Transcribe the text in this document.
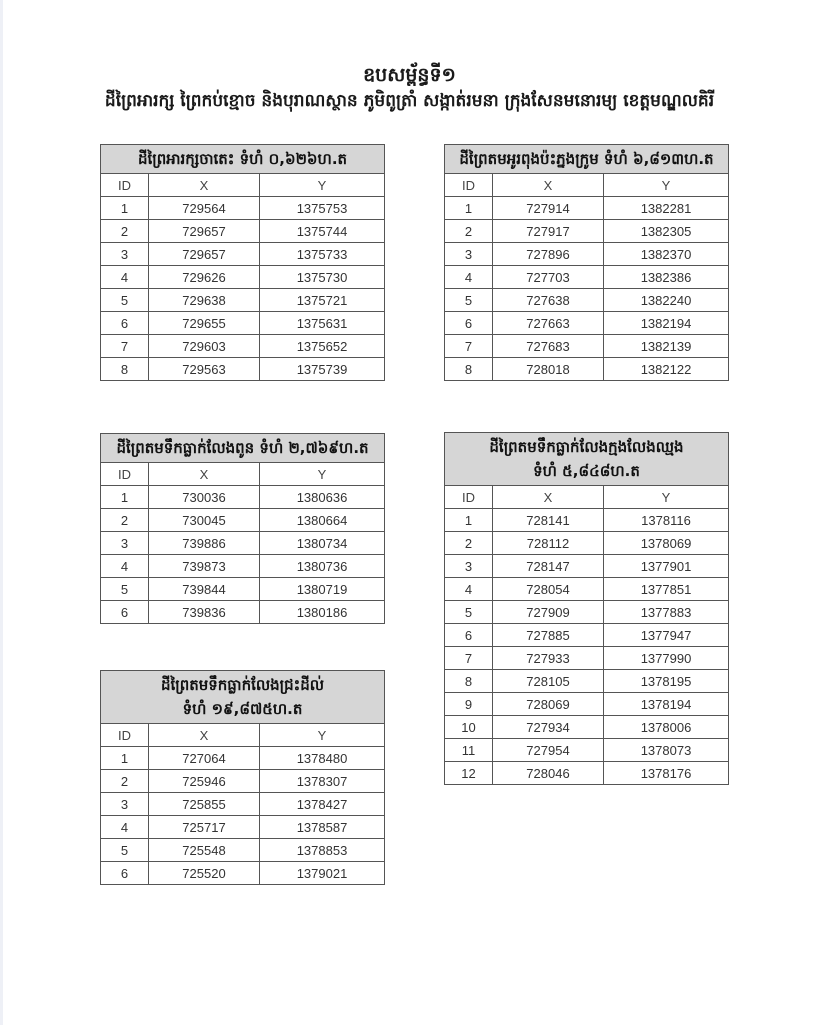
ឧបសម្ព័ន្ធទី១
ដីព្រៃអារក្ស ព្រៃកប់ខ្មោច និងបុរាណស្ថាន ភូមិពូត្រាំ សង្កាត់រមនា ក្រុងសែនមនោរម្យ ខេត្តមណ្ឌលគិរី
ដីព្រៃអារក្សចាតេះ ទំហំ ០,៦២៦ហ.ត		
ID	X	Y
1	729564	1375753
2	729657	1375744
3	729657	1375733
4	729626	1375730
5	729638	1375721
6	729655	1375631
7	729603	1375652
8	729563	1375739
ដីព្រៃតមអូរពុងប៉ះភ្នងក្រូម ទំហំ ៦,៨១៣ហ.ត		
ID	X	Y
1	727914	1382281
2	727917	1382305
3	727896	1382370
4	727703	1382386
5	727638	1382240
6	727663	1382194
7	727683	1382139
8	728018	1382122
ដីព្រៃតមទឹកធ្លាក់លែងពូន ទំហំ ២,៧៦៩ហ.ត		
ID	X	Y
1	730036	1380636
2	730045	1380664
3	739886	1380734
4	739873	1380736
5	739844	1380719
6	739836	1380186
ដីព្រៃតមទឹកធ្លាក់លែងជ្រះដីល់
ទំហំ ១៩,៨៧៥ហ.ត		

ID	X	Y
1	727064	1378480
2	725946	1378307
3	725855	1378427
4	725717	1378587
5	725548	1378853
6	725520	1379021
ដីព្រៃតមទឹកធ្លាក់លែងក្មងលែងឈ្មង
ទំហំ ៥,៨៤៨ហ.ត		

ID	X	Y
1	728141	1378116
2	728112	1378069
3	728147	1377901
4	728054	1377851
5	727909	1377883
6	727885	1377947
7	727933	1377990
8	728105	1378195
9	728069	1378194
10	727934	1378006
11	727954	1378073
12	728046	1378176
